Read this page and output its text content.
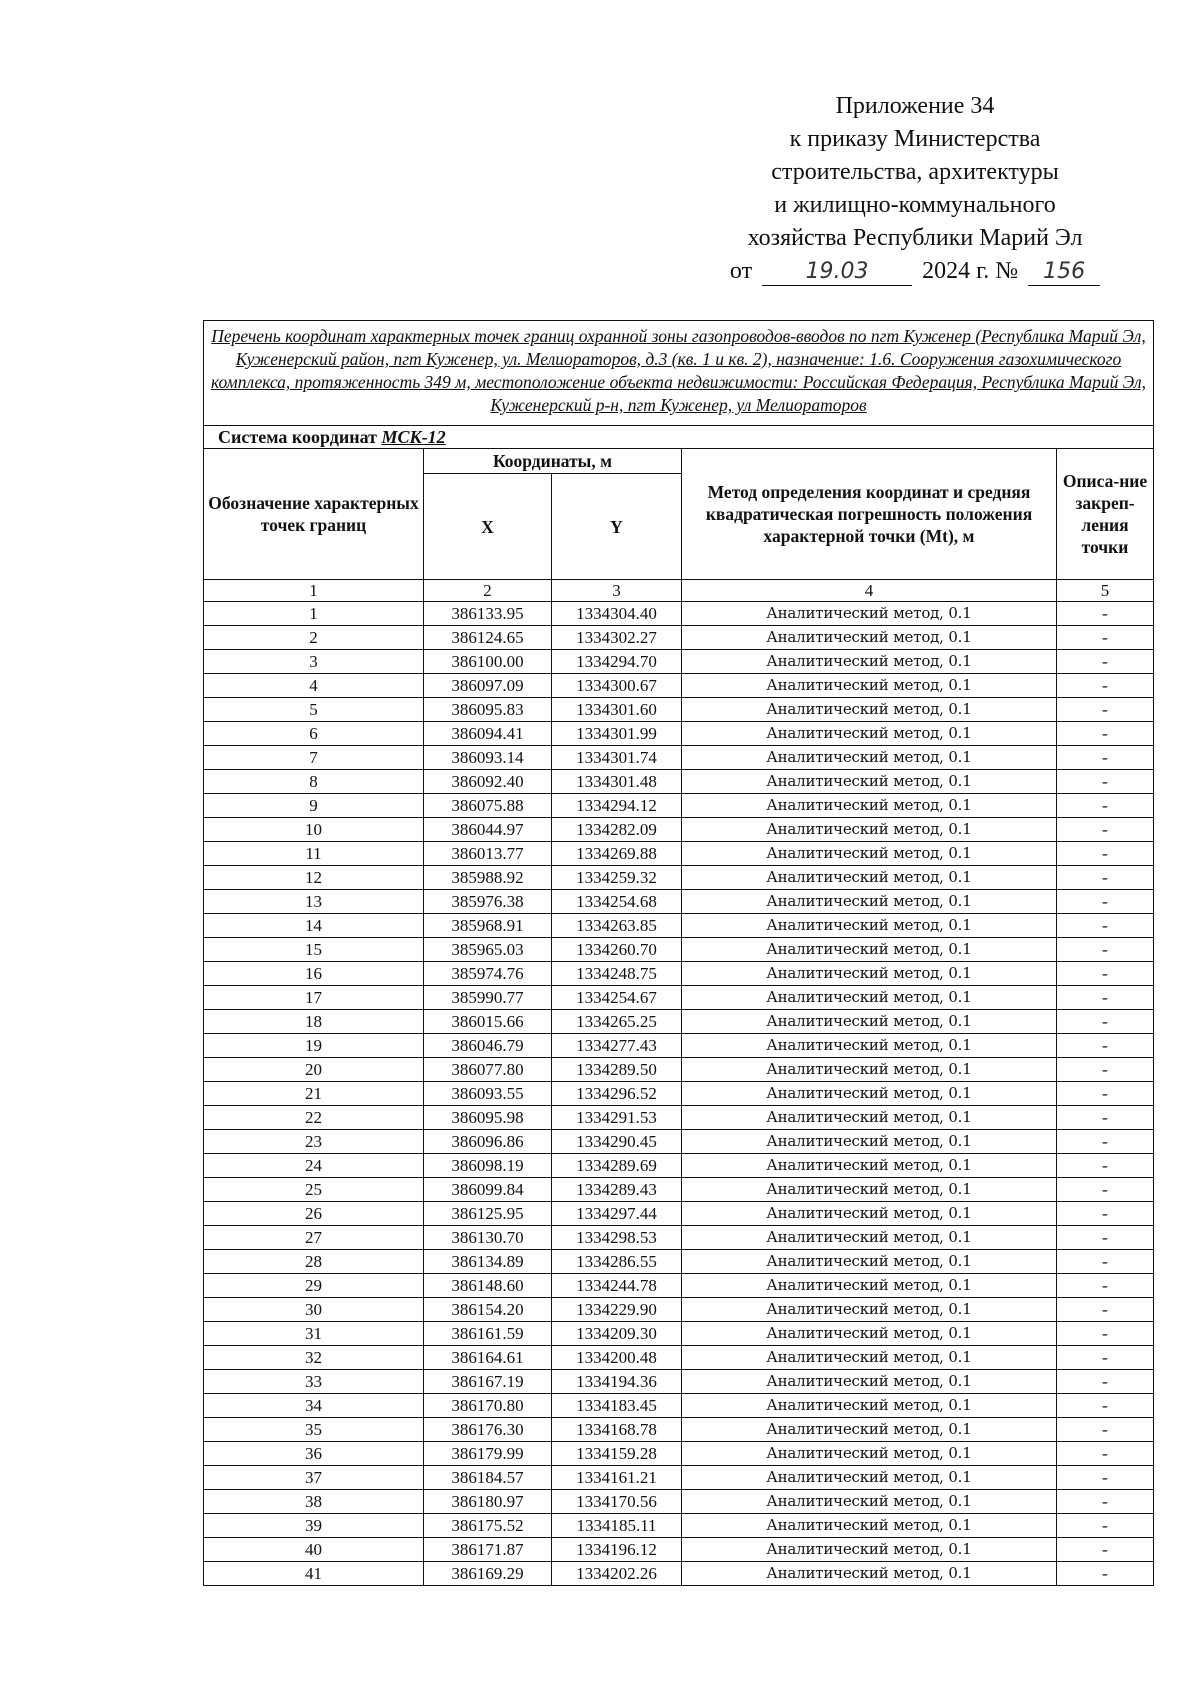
Приложение 34
к приказу Министерства
строительства, архитектуры
и жилищно-коммунального
хозяйства Республики Марий Эл
от 19.03 2024 г. № 156
Перечень координат характерных точек границ охранной зоны газопроводов-вводов по пгт Кужeнер (Республика Марий Эл, Кужeнерский район, пгт Кужeнер, ул. Мелиораторов, д.3 (кв. 1 и кв. 2), назначение: 1.6. Сооружения газохимического комплекса, протяженность 349 м, местоположение объекта недвижимости: Российская Федерация, Республика Марий Эл, Кужeнерский р-н, пгт Кужeнер, ул Мелиораторов				
Система координат МСК-12				
Обозначение характерных точек границ	Координаты, м		Метод определения координат и средняя квадратическая погрешность положения характерной точки (Mt), м	Описа-ние закреп-ления точки
	X	Y		
1	2	3	4	5
1	386133.95	1334304.40	Аналитический метод, 0.1	-
2	386124.65	1334302.27	Аналитический метод, 0.1	-
3	386100.00	1334294.70	Аналитический метод, 0.1	-
4	386097.09	1334300.67	Аналитический метод, 0.1	-
5	386095.83	1334301.60	Аналитический метод, 0.1	-
6	386094.41	1334301.99	Аналитический метод, 0.1	-
7	386093.14	1334301.74	Аналитический метод, 0.1	-
8	386092.40	1334301.48	Аналитический метод, 0.1	-
9	386075.88	1334294.12	Аналитический метод, 0.1	-
10	386044.97	1334282.09	Аналитический метод, 0.1	-
11	386013.77	1334269.88	Аналитический метод, 0.1	-
12	385988.92	1334259.32	Аналитический метод, 0.1	-
13	385976.38	1334254.68	Аналитический метод, 0.1	-
14	385968.91	1334263.85	Аналитический метод, 0.1	-
15	385965.03	1334260.70	Аналитический метод, 0.1	-
16	385974.76	1334248.75	Аналитический метод, 0.1	-
17	385990.77	1334254.67	Аналитический метод, 0.1	-
18	386015.66	1334265.25	Аналитический метод, 0.1	-
19	386046.79	1334277.43	Аналитический метод, 0.1	-
20	386077.80	1334289.50	Аналитический метод, 0.1	-
21	386093.55	1334296.52	Аналитический метод, 0.1	-
22	386095.98	1334291.53	Аналитический метод, 0.1	-
23	386096.86	1334290.45	Аналитический метод, 0.1	-
24	386098.19	1334289.69	Аналитический метод, 0.1	-
25	386099.84	1334289.43	Аналитический метод, 0.1	-
26	386125.95	1334297.44	Аналитический метод, 0.1	-
27	386130.70	1334298.53	Аналитический метод, 0.1	-
28	386134.89	1334286.55	Аналитический метод, 0.1	-
29	386148.60	1334244.78	Аналитический метод, 0.1	-
30	386154.20	1334229.90	Аналитический метод, 0.1	-
31	386161.59	1334209.30	Аналитический метод, 0.1	-
32	386164.61	1334200.48	Аналитический метод, 0.1	-
33	386167.19	1334194.36	Аналитический метод, 0.1	-
34	386170.80	1334183.45	Аналитический метод, 0.1	-
35	386176.30	1334168.78	Аналитический метод, 0.1	-
36	386179.99	1334159.28	Аналитический метод, 0.1	-
37	386184.57	1334161.21	Аналитический метод, 0.1	-
38	386180.97	1334170.56	Аналитический метод, 0.1	-
39	386175.52	1334185.11	Аналитический метод, 0.1	-
40	386171.87	1334196.12	Аналитический метод, 0.1	-
41	386169.29	1334202.26	Аналитический метод, 0.1	-
